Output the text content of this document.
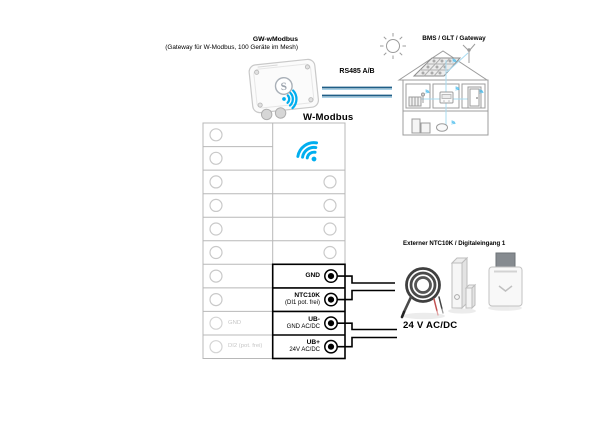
S
GW-wModbus
(Gateway für W-Modbus, 100 Geräte im Mesh)
RS485 A/B
BMS / GLT / Gateway
W-Modbus
GND
NTC10K
(DI1 pot. frei)
UB-
GND AC/DC
UB+
24V AC/DC
GND
DI2 (pot. frei)
Externer NTC10K / Digitaleingang 1
24 V AC/DC
